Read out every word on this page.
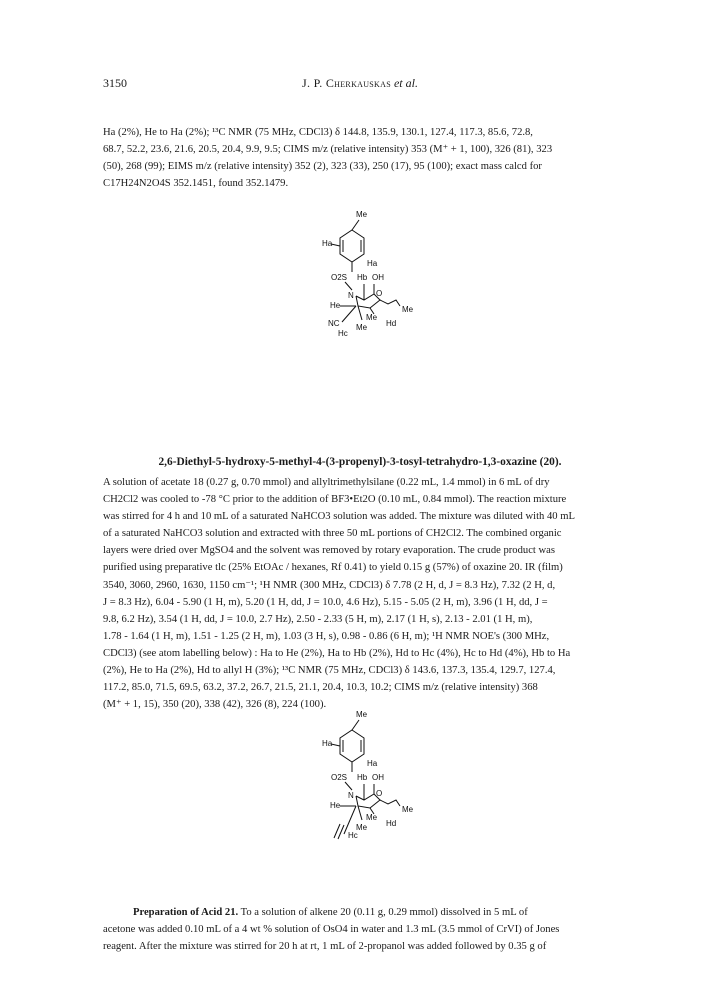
3150	J. P. Cherkauskas et al.

Ha (2%), He to Ha (2%); ¹³C NMR (75 MHz, CDCl3) δ 144.8, 135.9, 130.1, 127.4, 117.3, 85.6, 72.8,

68.7, 52.2, 23.6, 21.6, 20.5, 20.4, 9.9, 9.5; CIMS m/z (relative intensity) 353 (M⁺ + 1, 100), 326 (81), 323

(50), 268 (99); EIMS m/z (relative intensity) 352 (2), 323 (33), 250 (17), 95 (100); exact mass calcd for

C17H24N2O4S 352.1451, found 352.1479.

Me
Ha
Ha
O2S Hb OH
N	O
He	Me
Me
NC Me Hd
Hc
2,6-Diethyl-5-hydroxy-5-methyl-4-(3-propenyl)-3-tosyl-tetrahydro-1,3-oxazine (20).

A solution of acetate 18 (0.27 g, 0.70 mmol) and allyltrimethylsilane (0.22 mL, 1.4 mmol) in 6 mL of dry

CH2Cl2 was cooled to -78 °C prior to the addition of BF3•Et2O (0.10 mL, 0.84 mmol). The reaction mixture

was stirred for 4 h and 10 mL of a saturated NaHCO3 solution was added. The mixture was diluted with 40 mL

of a saturated NaHCO3 solution and extracted with three 50 mL portions of CH2Cl2. The combined organic

layers were dried over MgSO4 and the solvent was removed by rotary evaporation. The crude product was

purified using preparative tlc (25% EtOAc / hexanes, Rf 0.41) to yield 0.15 g (57%) of oxazine 20. IR (film)

3540, 3060, 2960, 1630, 1150 cm⁻¹; ¹H NMR (300 MHz, CDCl3) δ 7.78 (2 H, d, J = 8.3 Hz), 7.32 (2 H, d,

J = 8.3 Hz), 6.04 - 5.90 (1 H, m), 5.20 (1 H, dd, J = 10.0, 4.6 Hz), 5.15 - 5.05 (2 H, m), 3.96 (1 H, dd, J =

9.8, 6.2 Hz), 3.54 (1 H, dd, J = 10.0, 2.7 Hz), 2.50 - 2.33 (5 H, m), 2.17 (1 H, s), 2.13 - 2.01 (1 H, m),

1.78 - 1.64 (1 H, m), 1.51 - 1.25 (2 H, m), 1.03 (3 H, s), 0.98 - 0.86 (6 H, m); ¹H NMR NOE's (300 MHz,

CDCl3) (see atom labelling below) : Ha to He (2%), Ha to Hb (2%), Hd to Hc (4%), Hc to Hd (4%), Hb to Ha

(2%), He to Ha (2%), Hd to allyl H (3%); ¹³C NMR (75 MHz, CDCl3) δ 143.6, 137.3, 135.4, 129.7, 127.4,

117.2, 85.0, 71.5, 69.5, 63.2, 37.2, 26.7, 21.5, 21.1, 20.4, 10.3, 10.2; CIMS m/z (relative intensity) 368

(M⁺ + 1, 15), 350 (20), 338 (42), 326 (8), 224 (100).

Me
Ha
Ha
O2S Hb OH
N	O
He	Me
Me
Me Hd
Hc

Preparation of Acid 21. To a solution of alkene 20 (0.11 g, 0.29 mmol) dissolved in 5 mL of

acetone was added 0.10 mL of a 4 wt % solution of OsO4 in water and 1.3 mL (3.5 mmol of CrVI) of Jones

reagent. After the mixture was stirred for 20 h at rt, 1 mL of 2-propanol was added followed by 0.35 g of
